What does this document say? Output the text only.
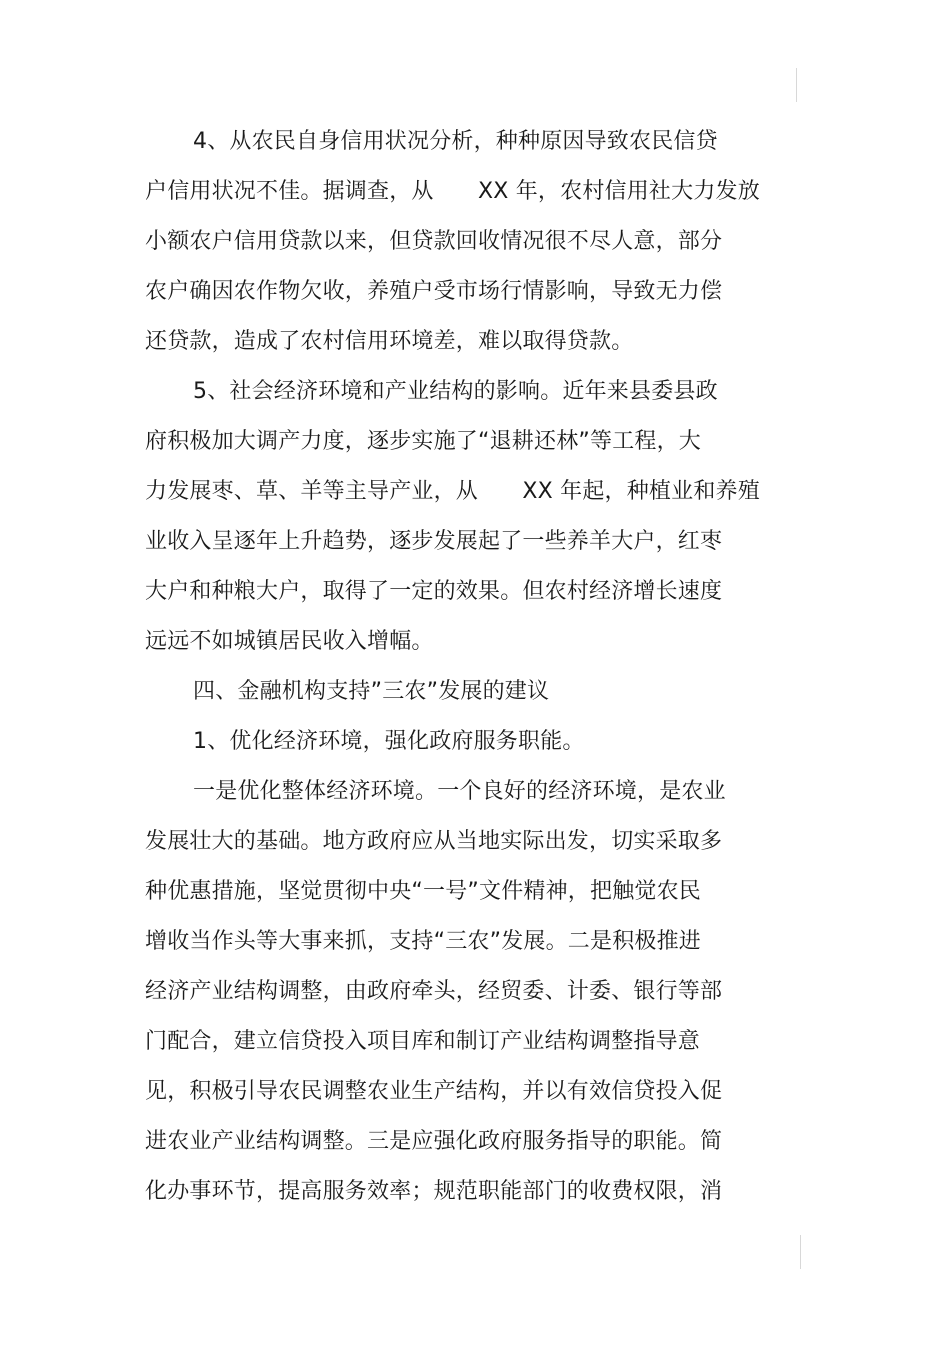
4、从农民自身信用状况分析，种种原因导致农民信贷
户信用状况不佳。据调查，从　　XX 年，农村信用社大力发放
小额农户信用贷款以来，但贷款回收情况很不尽人意，部分
农户确因农作物欠收，养殖户受市场行情影响，导致无力偿
还贷款，造成了农村信用环境差，难以取得贷款。
5、社会经济环境和产业结构的影响。近年来县委县政
府积极加大调产力度，逐步实施了“退耕还林”等工程，大
力发展枣、草、羊等主导产业，从　　XX 年起，种植业和养殖
业收入呈逐年上升趋势，逐步发展起了一些养羊大户，红枣
大户和种粮大户，取得了一定的效果。但农村经济增长速度
远远不如城镇居民收入增幅。
四、金融机构支持”三农”发展的建议
1、优化经济环境，强化政府服务职能。
一是优化整体经济环境。一个良好的经济环境，是农业
发展壮大的基础。地方政府应从当地实际出发，切实采取多
种优惠措施，坚觉贯彻中央“一号”文件精神，把触觉农民
增收当作头等大事来抓，支持“三农”发展。二是积极推进
经济产业结构调整，由政府牵头，经贸委、计委、银行等部
门配合，建立信贷投入项目库和制订产业结构调整指导意
见，积极引导农民调整农业生产结构，并以有效信贷投入促
进农业产业结构调整。三是应强化政府服务指导的职能。简
化办事环节，提高服务效率；规范职能部门的收费权限，消
